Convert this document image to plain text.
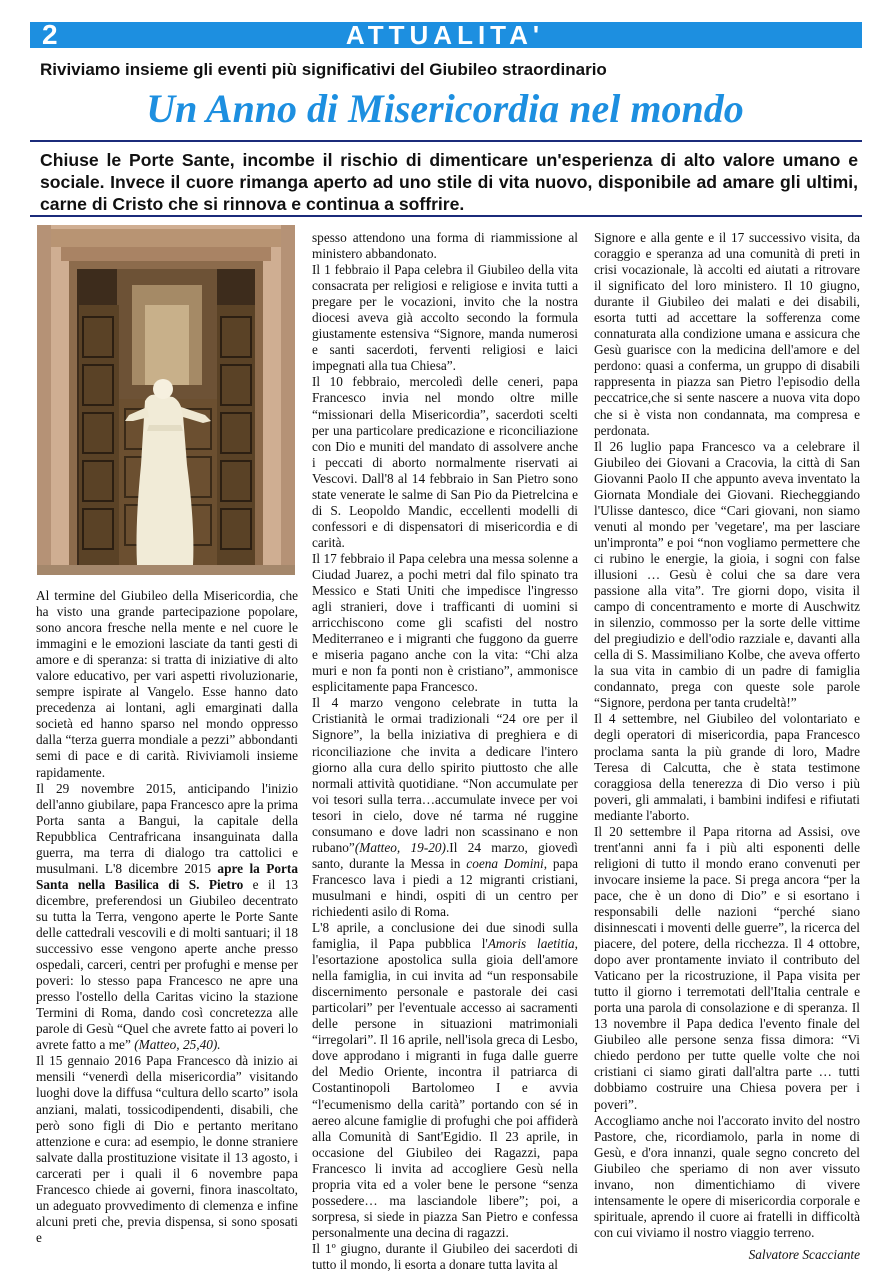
2	ATTUALITA'
Riviviamo insieme gli eventi più significativi del Giubileo straordinario
Un Anno di Misericordia nel mondo
Chiuse le Porte Sante, incombe il rischio di dimenticare un'esperienza di alto valore umano e sociale. Invece il cuore rimanga aperto ad uno stile di vita nuovo, disponibile ad amare gli ultimi, carne di Cristo che si rinnova e continua a soffrire.

Al termine del Giubileo della Misericordia, che ha visto una grande partecipazione popolare, sono ancora fresche nella mente e nel cuore le immagini e le emozioni lasciate da tanti gesti di amore e di speranza: si tratta di iniziative di alto valore educativo, per vari aspetti rivoluzionarie, sempre ispirate al Vangelo. Esse hanno dato precedenza ai lontani, agli emarginati dalla società ed hanno sparso nel mondo oppresso dalla “terza guerra mondiale a pezzi” abbondanti semi di pace e di carità. Riviviamoli insieme rapidamente.

Il 29 novembre 2015, anticipando l'inizio dell'anno giubilare, papa Francesco apre la prima Porta santa a Bangui, la capitale della Repubblica Centrafricana insanguinata dalla guerra, ma terra di dialogo tra cattolici e musulmani. L'8 dicembre 2015 apre la Porta Santa nella Basilica di S. Pietro e il 13 dicembre, preferendosi un Giubileo decentrato su tutta la Terra, vengono aperte le Porte Sante delle cattedrali vescovili e di molti santuari; il 18 successivo esse vengono aperte anche presso ospedali, carceri, centri per profughi e mense per poveri: lo stesso papa Francesco ne apre una presso l'ostello della Caritas vicino la stazione Termini di Roma, dando così concretezza alle parole di Gesù “Quel che avrete fatto ai poveri lo avrete fatto a me” (Matteo, 25,40).

Il 15 gennaio 2016 Papa Francesco dà inizio ai mensili “venerdì della misericordia” visitando luoghi dove la diffusa “cultura dello scarto” isola anziani, malati, tossicodipendenti, disabili, che però sono figli di Dio e pertanto meritano attenzione e cura: ad esempio, le donne straniere salvate dalla prostituzione visitate il 13 agosto, i carcerati per i quali il 6 novembre papa Francesco chiede ai governi, finora inascoltato, un adeguato provvedimento di clemenza e infine alcuni preti che, previa dispensa, si sono sposati e

spesso attendono una forma di riammissione al ministero abbandonato.

Il 1 febbraio il Papa celebra il Giubileo della vita consacrata per religiosi e religiose e invita tutti a pregare per le vocazioni, invito che la nostra diocesi aveva già accolto secondo la formula giustamente estensiva “Signore, manda numerosi e santi sacerdoti, ferventi religiosi e laici impegnati alla tua Chiesa”.

Il 10 febbraio, mercoledì delle ceneri, papa Francesco invia nel mondo oltre mille “missionari della Misericordia”, sacerdoti scelti per una particolare predicazione e riconciliazione con Dio e muniti del mandato di assolvere anche i peccati di aborto normalmente riservati ai Vescovi. Dall'8 al 14 febbraio in San Pietro sono state venerate le salme di San Pio da Pietrelcina e di S. Leopoldo Mandic, eccellenti modelli di confessori e di dispensatori di misericordia e di carità.

Il 17 febbraio il Papa celebra una messa solenne a Ciudad Juarez, a pochi metri dal filo spinato tra Messico e Stati Uniti che impedisce l'ingresso agli stranieri, dove i trafficanti di uomini si arricchiscono come gli scafisti del nostro Mediterraneo e i migranti che fuggono da guerre e miseria pagano anche con la vita: “Chi alza muri e non fa ponti non è cristiano”, ammonisce esplicitamente papa Francesco.

Il 4 marzo vengono celebrate in tutta la Cristianità le ormai tradizionali “24 ore per il Signore”, la bella iniziativa di preghiera e di riconciliazione che invita a dedicare l'intero giorno alla cura dello spirito piuttosto che alle normali attività quotidiane. “Non accumulate per voi tesori sulla terra…accumulate invece per voi tesori in cielo, dove né tarma né ruggine consumano e dove ladri non scassinano e non rubano”(Matteo, 19-20).Il 24 marzo, giovedì santo, durante la Messa in coena Domini, papa Francesco lava i piedi a 12 migranti cristiani, musulmani e hindi, ospiti di un centro per richiedenti asilo di Roma.

L'8 aprile, a conclusione dei due sinodi sulla famiglia, il Papa pubblica l'Amoris laetitia, l'esortazione apostolica sulla gioia dell'amore nella famiglia, in cui invita ad “un responsabile discernimento personale e pastorale dei casi particolari” per l'eventuale accesso ai sacramenti delle persone in situazioni matrimoniali “irregolari”. Il 16 aprile, nell'isola greca di Lesbo, dove approdano i migranti in fuga dalle guerre del Medio Oriente, incontra il patriarca di Costantinopoli Bartolomeo I e avvia “l'ecumenismo della carità” portando con sé in aereo alcune famiglie di profughi che poi affiderà alla Comunità di Sant'Egidio. Il 23 aprile, in occasione del Giubileo dei Ragazzi, papa Francesco li invita ad accogliere Gesù nella propria vita ed a voler bene le persone “senza possedere… ma lasciandole libere”; poi, a sorpresa, si siede in piazza San Pietro e confessa personalmente una decina di ragazzi.

Il 1º giugno, durante il Giubileo dei sacerdoti di tutto il mondo, li esorta a donare tutta lavita al

Signore e alla gente e il 17 successivo visita, da coraggio e speranza ad una comunità di preti in crisi vocazionale, là accolti ed aiutati a ritrovare il significato del loro ministero. Il 10 giugno, durante il Giubileo dei malati e dei disabili, esorta tutti ad accettare la sofferenza come connaturata alla condizione umana e assicura che Gesù guarisce con la medicina dell'amore e del perdono: quasi a conferma, un gruppo di disabili rappresenta in piazza san Pietro l'episodio della peccatrice,che si sente nascere a nuova vita dopo che si è vista non condannata, ma compresa e perdonata.

Il 26 luglio papa Francesco va a celebrare il Giubileo dei Giovani a Cracovia, la città di San Giovanni Paolo II che appunto aveva inventato la Giornata Mondiale dei Giovani. Riecheggiando l'Ulisse dantesco, dice “Cari giovani, non siamo venuti al mondo per 'vegetare', ma per lasciare un'impronta” e poi “non vogliamo permettere che ci rubino le energie, la gioia, i sogni con false illusioni … Gesù è colui che sa dare vera passione alla vita”. Tre giorni dopo, visita il campo di concentramento e morte di Auschwitz in silenzio, commosso per la sorte delle vittime del pregiudizio e dell'odio razziale e, davanti alla cella di S. Massimiliano Kolbe, che aveva offerto la sua vita in cambio di un padre di famiglia condannato, prega con queste sole parole “Signore, perdona per tanta crudeltà!”

Il 4 settembre, nel Giubileo del volontariato e degli operatori di misericordia, papa Francesco proclama santa la più grande di loro, Madre Teresa di Calcutta, che è stata testimone coraggiosa della tenerezza di Dio verso i più poveri, gli ammalati, i bambini indifesi e rifiutati mediante l'aborto.

Il 20 settembre il Papa ritorna ad Assisi, ove trent'anni anni fa i più alti esponenti delle religioni di tutto il mondo erano convenuti per invocare insieme la pace. Si prega ancora “per la pace, che è un dono di Dio” e si esortano i responsabili delle nazioni “perché siano disinnescati i moventi delle guerre”, la ricerca del piacere, del potere, della ricchezza. Il 4 ottobre, dopo aver prontamente inviato il contributo del Vaticano per la ricostruzione, il Papa visita per tutto il giorno i terremotati dell'Italia centrale e porta una parola di consolazione e di speranza. Il 13 novembre il Papa dedica l'evento finale del Giubileo alle persone senza fissa dimora: “Vi chiedo perdono per tutte quelle volte che noi cristiani ci siamo girati dall'altra parte … tutti dobbiamo costruire una Chiesa povera per i poveri”.

Accogliamo anche noi l'accorato invito del nostro Pastore, che, ricordiamolo, parla in nome di Gesù, e d'ora innanzi, quale segno concreto del Giubileo che speriamo di non aver vissuto invano, non dimentichiamo di vivere intensamente le opere di misericordia corporale e spirituale, aprendo il cuore ai fratelli in difficoltà con cui viviamo il nostro viaggio terreno.

Salvatore Scacciante
